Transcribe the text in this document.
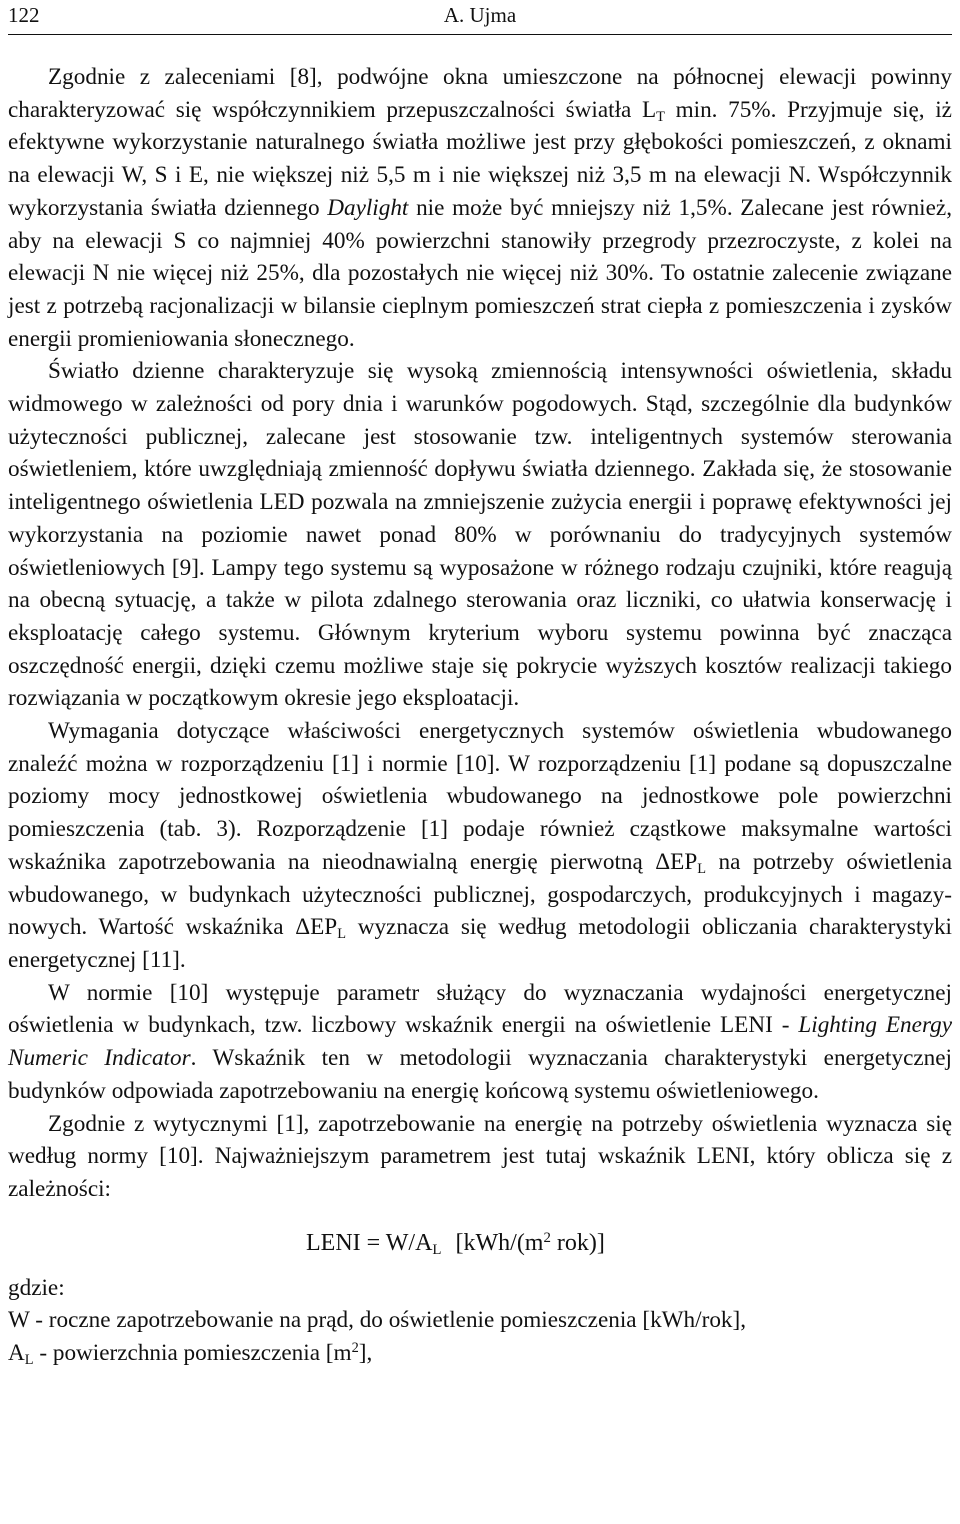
122	A. Ujma

Zgodnie z zaleceniami [8], podwójne okna umieszczone na północnej elewacji powinny charakteryzować się współczynnikiem przepuszczalności światła $L_T$ min. 75%. Przyjmuje się, iż efektywne wykorzystanie naturalnego światła możliwe jest przy głębokości pomieszczeń, z oknami na elewacji W, S i E, nie większej niż 5,5 m i nie większej niż 3,5 m na elewacji N. Współczynnik wykorzystania światła dziennego Daylight nie może być mniejszy niż 1,5%. Zalecane jest również, aby na elewacji S co najmniej 40% powierzchni stanowiły przegrody przezroczyste, z kolei na elewacji N nie więcej niż 25%, dla pozostałych nie więcej niż 30%. To ostatnie zalecenie związane jest z potrzebą racjonalizacji w bilansie cieplnym pomieszczeń strat ciepła z pomieszczenia i zysków energii promieniowania słonecznego.

Światło dzienne charakteryzuje się wysoką zmiennością intensywności oświetlenia, składu widmowego w zależności od pory dnia i warunków pogodowych. Stąd, szczególnie dla budynków użyteczności publicznej, zalecane jest stosowanie tzw. inteligentnych systemów sterowania oświetleniem, które uwzględniają zmienność dopływu światła dziennego. Zakłada się, że stosowanie inteligentnego oświetlenia LED pozwala na zmniejszenie zużycia energii i poprawę efektywności jej wykorzystania na poziomie nawet ponad 80% w porównaniu do tradycyjnych systemów oświetleniowych [9]. Lampy tego systemu są wyposażone w różnego rodzaju czujniki, które reagują na obecną sytuację, a także w pilota zdalnego sterowania oraz liczniki, co ułatwia konserwację i eksploatację całego systemu. Głównym kryterium wyboru systemu powinna być znacząca oszczędność energii, dzięki czemu możliwe staje się pokrycie wyższych kosztów realizacji takiego rozwiązania w początkowym okresie jego eksploatacji.

Wymagania dotyczące właściwości energetycznych systemów oświetlenia wbudowanego znaleźć można w rozporządzeniu [1] i normie [10]. W rozporządzeniu [1] podane są dopuszczalne poziomy mocy jednostkowej oświetlenia wbudowanego na jednostkowe pole powierzchni pomieszczenia (tab. 3). Rozporządzenie [1] podaje również cząstkowe maksymalne wartości wskaźnika zapotrzebowania na nieodnawialną energię pierwotną $\Delta EP_L$ na potrzeby oświetlenia wbudowanego, w budynkach użyteczności publicznej, gospodarczych, produkcyjnych i magazynowych. Wartość wskaźnika $\Delta EP_L$ wyznacza się według metodologii obliczania charakterystyki energetycznej [11].

W normie [10] występuje parametr służący do wyznaczania wydajności energetycznej oświetlenia w budynkach, tzw. liczbowy wskaźnik energii na oświetlenie LENI - Lighting Energy Numeric Indicator. Wskaźnik ten w metodologii wyznaczania charakterystyki energetycznej budynków odpowiada zapotrzebowaniu na energię końcową systemu oświetleniowego.

Zgodnie z wytycznymi [1], zapotrzebowanie na energię na potrzeby oświetlenia wyznacza się według normy [10]. Najważniejszym parametrem jest tutaj wskaźnik LENI, który oblicza się z zależności:

LENI = $W/A_L$ [$kWh/(m^2$ rok)]
gdzie:
W - roczne zapotrzebowanie na prąd, do oświetlenie pomieszczenia [kWh/rok],
$A_L$ - powierzchnia pomieszczenia $[m^2]$,
